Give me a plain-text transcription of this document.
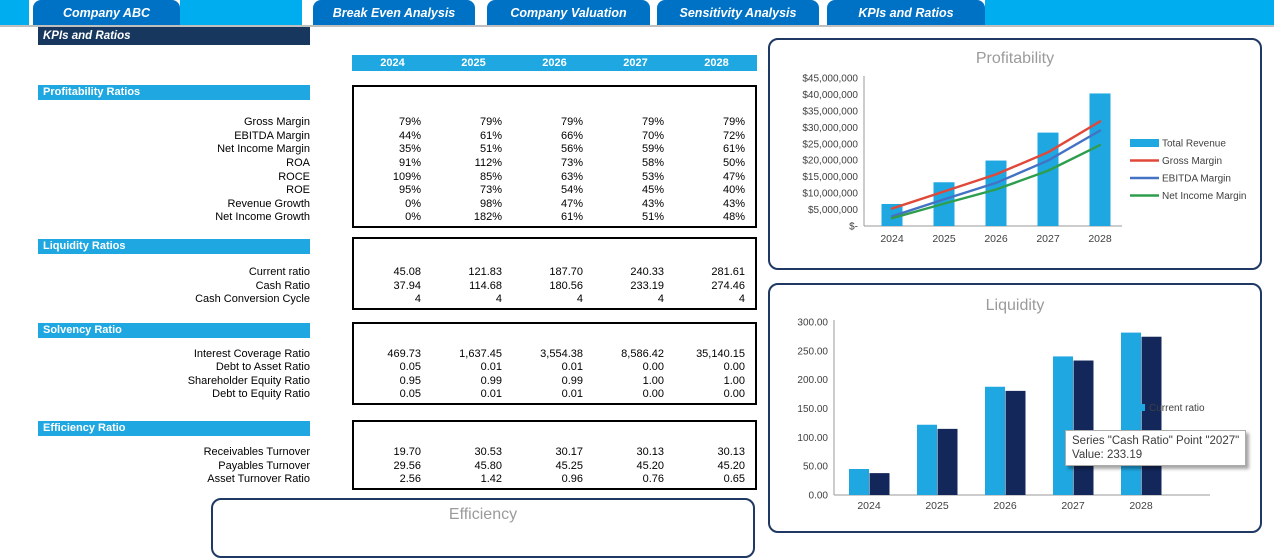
Company ABC	Break Even Analysis	Company Valuation	Sensitivity Analysis	KPIs and Ratios
KPIs and Ratios
2024	2025	2026	2027	2028
Profitability Ratios
Gross Margin	79%	79%	79%	79%	79%
EBITDA Margin	44%	61%	66%	70%	72%
Net Income Margin	35%	51%	56%	59%	61%
ROA	91%	112%	73%	58%	50%
ROCE	109%	85%	63%	53%	47%
ROE	95%	73%	54%	45%	40%
Revenue Growth	0%	98%	47%	43%	43%
Net Income Growth	0%	182%	61%	51%	48%
Liquidity Ratios
Current ratio	45.08	121.83	187.70	240.33	281.61
Cash Ratio	37.94	114.68	180.56	233.19	274.46
Cash Conversion Cycle	4	4	4	4	4
Solvency Ratio
Interest Coverage Ratio	469.73	1,637.45	3,554.38	8,586.42	35,140.15
Debt to Asset Ratio	0.05	0.01	0.01	0.00	0.00
Shareholder Equity Ratio	0.95	0.99	0.99	1.00	1.00
Debt to Equity Ratio	0.05	0.01	0.01	0.00	0.00
Efficiency Ratio
Receivables Turnover	19.70	30.53	30.17	30.13	30.13
Payables Turnover	29.56	45.80	45.25	45.20	45.20
Asset Turnover Ratio	2.56	1.42	0.96	0.76	0.65
Profitability
$-
$5,000,000
$10,000,000
$15,000,000
$20,000,000
$25,000,000
$30,000,000
$35,000,000
$40,000,000
$45,000,000
2024	2025	2026	2027	2028
Total Revenue
Gross Margin
EBITDA Margin
Net Income Margin
Liquidity
0.00
50.00
100.00
150.00
200.00
250.00
300.00
2024	2025	2026	2027	2028
Current ratio
Series "Cash Ratio" Point "2027"
Value: 233.19
Efficiency
